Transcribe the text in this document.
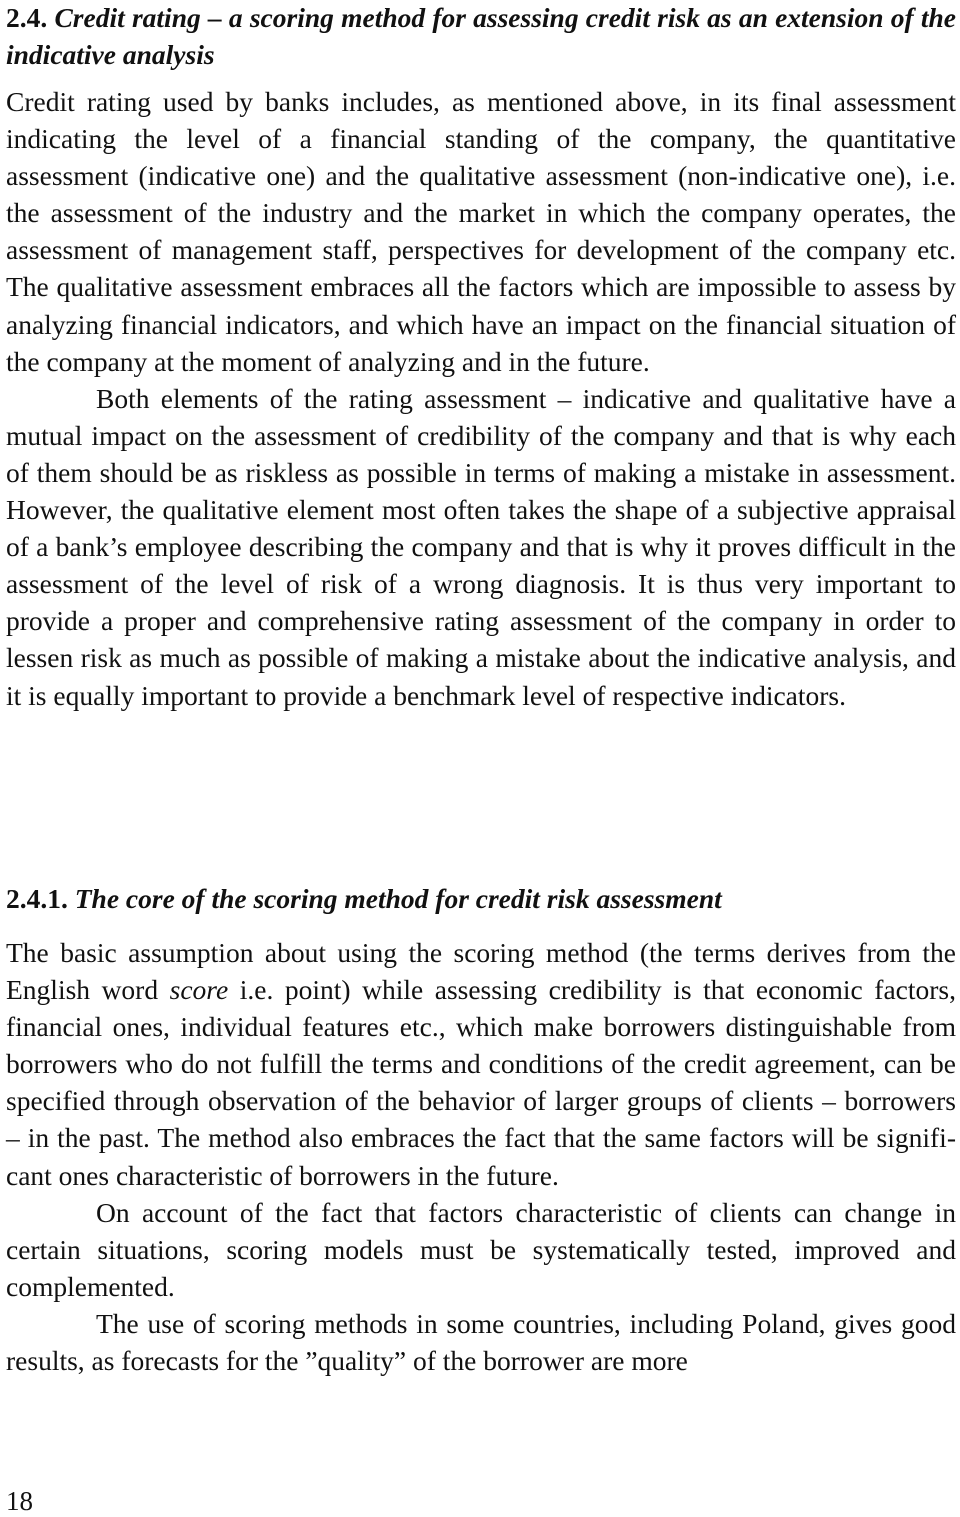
2.4. Credit rating – a scoring method for assessing credit risk as an extension of the indicative analysis

Credit rating used by banks includes, as mentioned above, in its final assessment indicating the level of a financial standing of the company, the quantitative assessment (indicative one) and the qualitative assessment (non-indicative one), i.e. the assessment of the industry and the market in which the company operates, the assessment of management staff, perspectives for development of the company etc. The qualitative assessment embraces all the factors which are impossible to assess by analyzing financial indicators, and which have an impact on the financial situation of the company at the moment of analyzing and in the future.

Both elements of the rating assessment – indicative and qualitative have a mutual impact on the assessment of credibility of the company and that is why each of them should be as riskless as possible in terms of making a mistake in assessment. However, the qualitative element most often takes the shape of a subjective appraisal of a bank’s employee describing the company and that is why it proves difficult in the assessment of the level of risk of a wrong diagnosis. It is thus very important to provide a proper and comprehensive rating assessment of the company in order to lessen risk as much as possible of making a mistake about the indicative analysis, and it is equally important to provide a benchmark level of respective indicators.

2.4.1. The core of the scoring method for credit risk assessment

The basic assumption about using the scoring method (the terms derives from the English word score i.e. point) while assessing credibility is that economic factors, financial ones, individual features etc., which make borrowers distinguishable from borrowers who do not fulfill the terms and conditions of the credit agreement, can be specified through observation of the behavior of larger groups of clients – borrowers – in the past. The method also embraces the fact that the same factors will be significant ones characteristic of borrowers in the future.

On account of the fact that factors characteristic of clients can change in certain situations, scoring models must be systematically tested, improved and complemented.

The use of scoring methods in some countries, including Poland, gives good results, as forecasts for the ”quality” of the borrower are more

18
